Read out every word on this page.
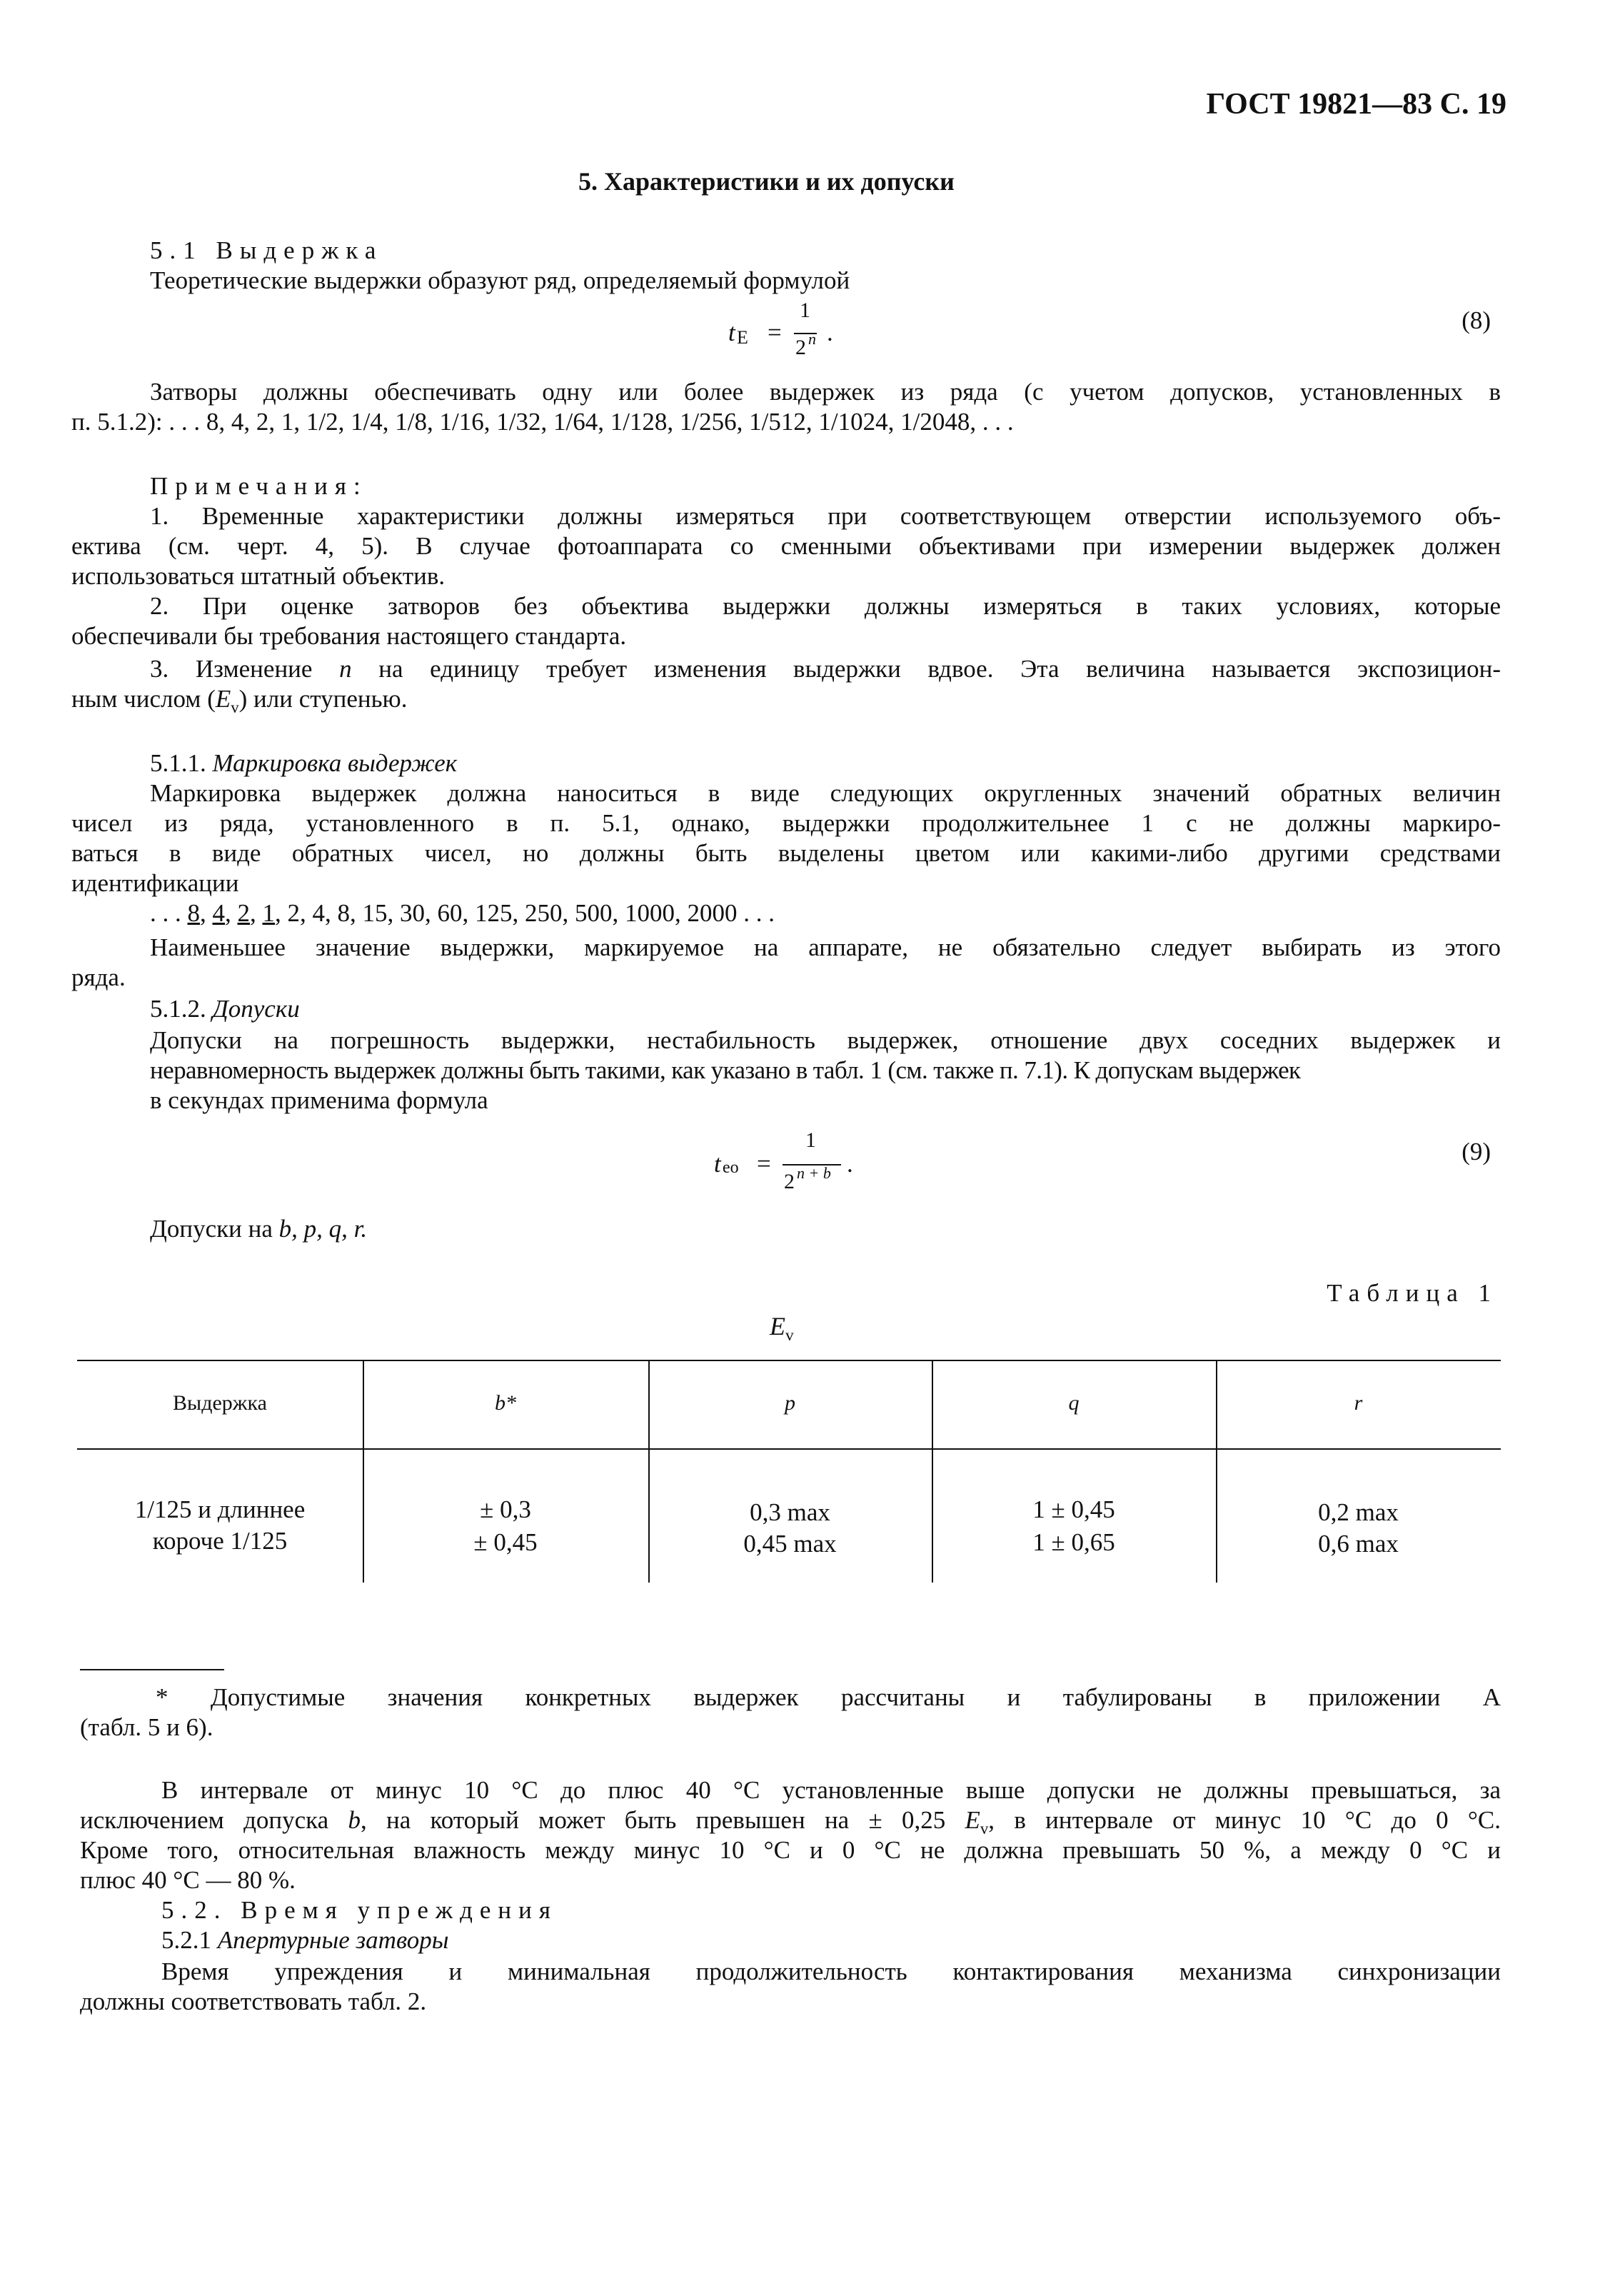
ГОСТ 19821—83 С. 19
5. Характеристики и их допуски
5.1 Выдержка
Теоретические выдержки образуют ряд, определяемый формулой
t E =
1
2 n .	(8)
Затворы должны обеспечивать одну или более выдержек из ряда (с учетом допусков, установленных в
п. 5.1.2): . . . 8, 4, 2, 1, 1/2, 1/4, 1/8, 1/16, 1/32, 1/64, 1/128, 1/256, 1/512, 1/1024, 1/2048, . . .
Примечания:
1. Временные характеристики должны измеряться при соответствующем отверстии используемого объ-
ектива (см. черт. 4, 5). В случае фотоаппарата со сменными объективами при измерении выдержек должен
использоваться штатный объектив.
2. При оценке затворов без объектива выдержки должны измеряться в таких условиях, которые
обеспечивали бы требования настоящего стандарта.
3. Изменение n на единицу требует изменения выдержки вдвое. Эта величина называется экспозицион-
ным числом $(E_v)$ или ступенью.
5.1.1. Маркировка выдержек
Маркировка выдержек должна наноситься в виде следующих округленных значений обратных величин
чисел из ряда, установленного в п. 5.1, однако, выдержки продолжительнее 1 с не должны маркиро-
ваться в виде обратных чисел, но должны быть выделены цветом или какими-либо другими средствами
идентификации
. . . 8, 4, 2, 1, 2, 4, 8, 15, 30, 60, 125, 250, 500, 1000, 2000 . . .
Наименьшее значение выдержки, маркируемое на аппарате, не обязательно следует выбирать из этого
ряда.
5.1.2. Допуски
Допуски на погрешность выдержки, нестабильность выдержек, отношение двух соседних выдержек и
неравномерность выдержек должны быть такими, как указано в табл. 1 (см. также п. 7.1). К допускам выдержек
в секундах применима формула
t eo =
1
2 n + b .	(9)
Допуски на b, p, q, r.
Таблица 1
$E_v$
Выдержка	b*	p	q	r
1/125 и длиннее	± 0,3	0,3 max	1 ± 0,45	0,2 max
короче 1/125	± 0,45	0,45 max	1 ± 0,65	0,6 max
* Допустимые значения конкретных выдержек рассчитаны и табулированы в приложении А
(табл. 5 и 6).
В интервале от минус 10 °С до плюс 40 °С установленные выше допуски не должны превышаться, за
исключением допуска b, на который может быть превышен на ± 0,25 $E_v$, в интервале от минус 10 °С до 0 °С.
Кроме того, относительная влажность между минус 10 °С и 0 °С не должна превышать 50 %, а между 0 °С и
плюс 40 °С — 80 %.
5.2. Время упреждения
5.2.1 Апертурные затворы
Время упреждения и минимальная продолжительность контактирования механизма синхронизации
должны соответствовать табл. 2.
